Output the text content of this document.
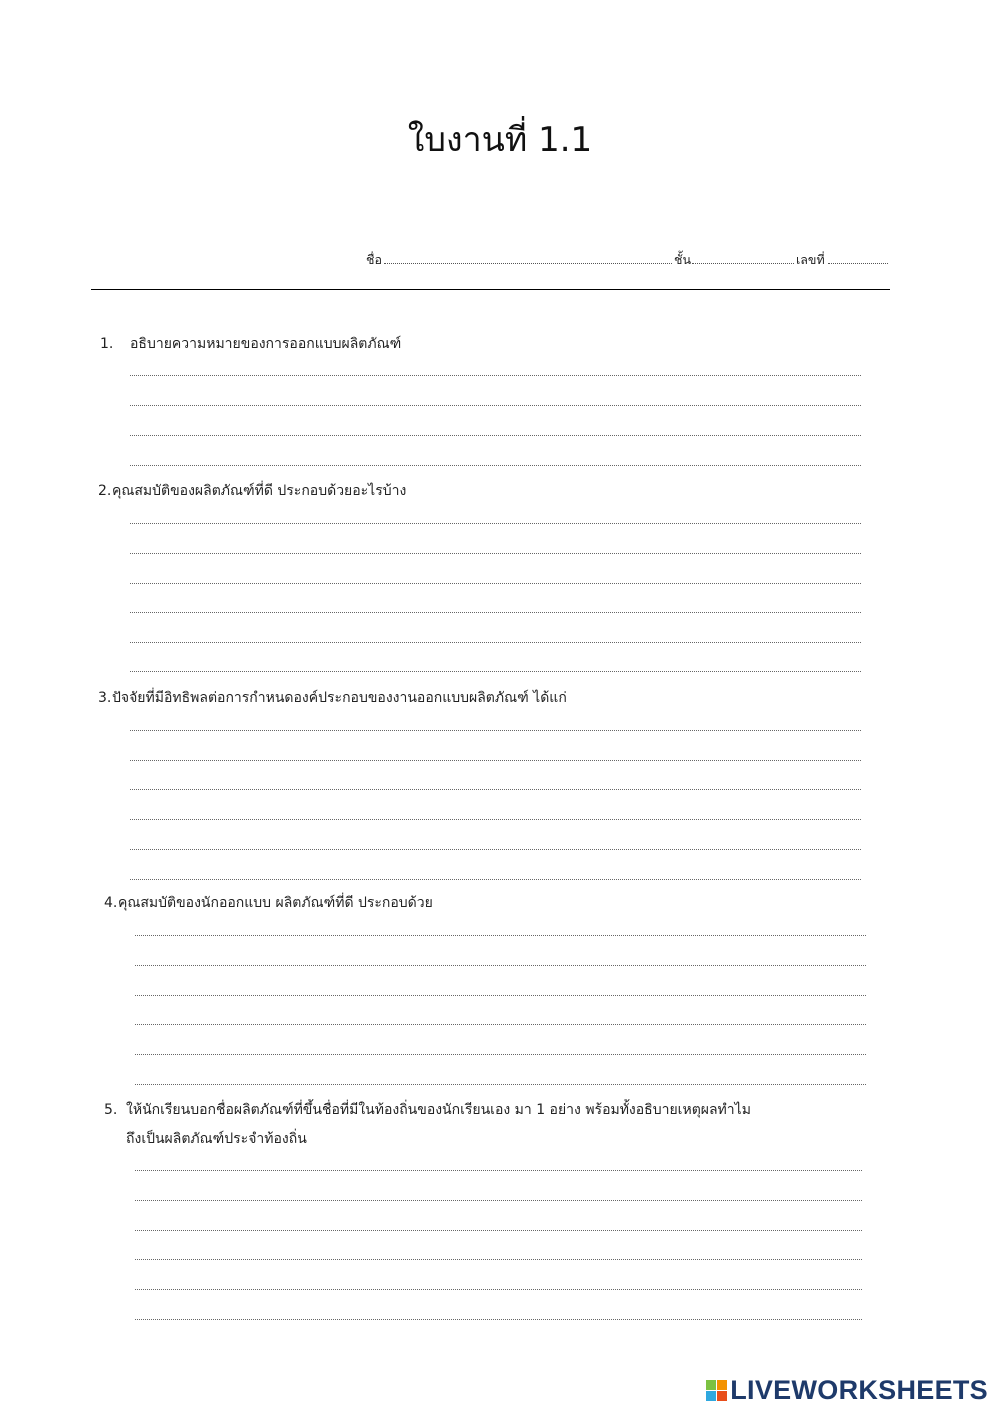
ใบงานที่ 1.1
ชื่อ	ชั้น	เลขที่
1. อธิบายความหมายของการออกแบบผลิตภัณฑ์
2.คุณสมบัติของผลิตภัณฑ์ที่ดี ประกอบด้วยอะไรบ้าง
3.ปัจจัยที่มีอิทธิพลต่อการกำหนดองค์ประกอบของงานออกแบบผลิตภัณฑ์ ได้แก่
4.คุณสมบัติของนักออกแบบ ผลิตภัณฑ์ที่ดี ประกอบด้วย
5. ให้นักเรียนบอกชื่อผลิตภัณฑ์ที่ขึ้นชื่อที่มีในท้องถิ่นของนักเรียนเอง มา 1 อย่าง พร้อมทั้งอธิบายเหตุผลทำไม
ถึงเป็นผลิตภัณฑ์ประจำท้องถิ่น
LIVEWORKSHEETS
